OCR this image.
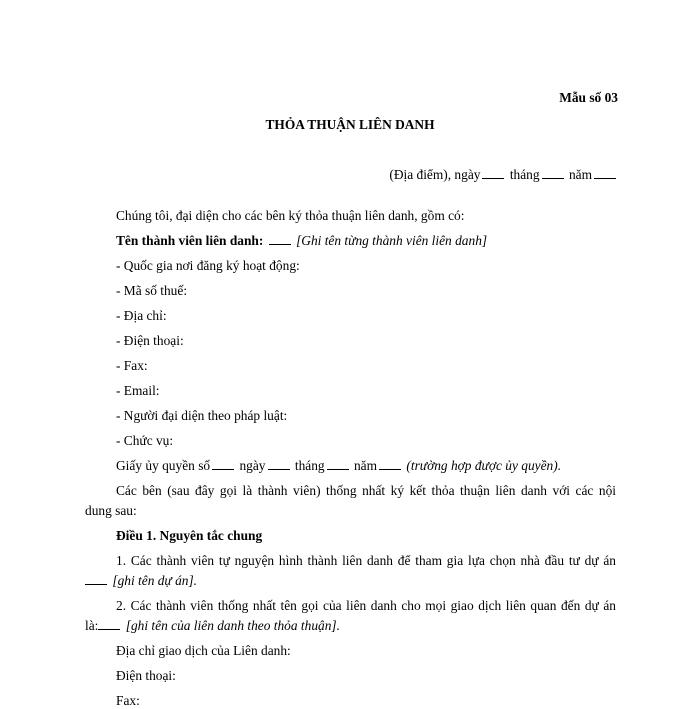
Mẫu số 03
THỎA THUẬN LIÊN DANH
(Địa điểm), ngày tháng năm
Chúng tôi, đại diện cho các bên ký thỏa thuận liên danh, gồm có:
Tên thành viên liên danh: [Ghi tên từng thành viên liên danh]
- Quốc gia nơi đăng ký hoạt động:
- Mã số thuế:
- Địa chỉ:
- Điện thoại:
- Fax:
- Email:
- Người đại diện theo pháp luật:
- Chức vụ:
Giấy ủy quyền số ngày tháng năm (trường hợp được ủy quyền).
Các bên (sau đây gọi là thành viên) thống nhất ký kết thỏa thuận liên danh với các nội
dung sau:
Điều 1. Nguyên tắc chung
1. Các thành viên tự nguyện hình thành liên danh để tham gia lựa chọn nhà đầu tư dự án
[ghi tên dự án].
2. Các thành viên thống nhất tên gọi của liên danh cho mọi giao dịch liên quan đến dự án
là: [ghi tên của liên danh theo thỏa thuận].
Địa chỉ giao dịch của Liên danh:
Điện thoại:
Fax:
